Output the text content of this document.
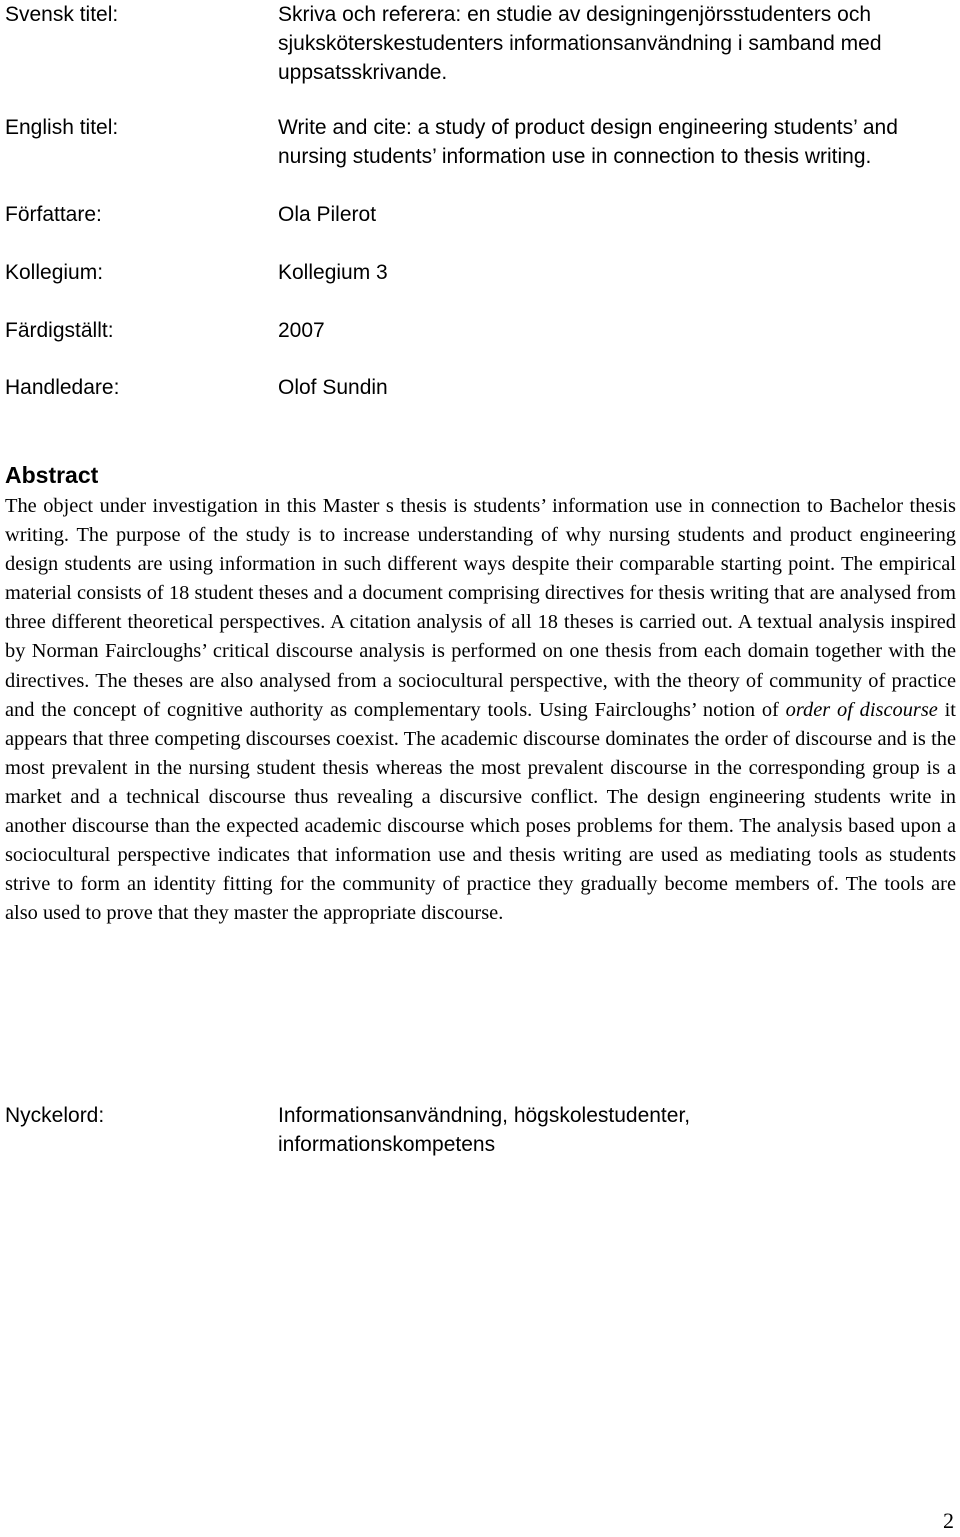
Svensk titel:	Skriva och referera: en studie av designingenjörsstudenters och
sjuksköterskestudenters informationsanvändning i samband med
uppsatsskrivande.
English titel:	Write and cite: a study of product design engineering students’ and
nursing students’ information use in connection to thesis writing.
Författare:	Ola Pilerot
Kollegium:	Kollegium 3
Färdigställt:	2007
Handledare:	Olof Sundin
Abstract
The object under investigation in this Master s thesis is students’ information use in connection to Bachelor thesis writing. The purpose of the study is to increase understanding of why nursing students and product engineering design students are using information in such different ways despite their comparable starting point. The empirical material consists of 18 student theses and a document comprising directives for thesis writing that are analysed from three different theoretical perspectives. A citation analysis of all 18 theses is carried out. A textual analysis inspired by Norman Faircloughs’ critical discourse analysis is performed on one thesis from each domain together with the directives. The theses are also analysed from a sociocultural perspective, with the theory of community of practice and the concept of cognitive authority as complementary tools. Using Faircloughs’ notion of order of discourse it appears that three competing discourses coexist. The academic discourse dominates the order of discourse and is the most prevalent in the nursing student thesis whereas the most prevalent discourse in the corresponding group is a market and a technical discourse thus revealing a discursive conflict. The design engineering students write in another discourse than the expected academic discourse which poses problems for them. The analysis based upon a sociocultural perspective indicates that information use and thesis writing are used as mediating tools as students strive to form an identity fitting for the community of practice they gradually become members of. The tools are also used to prove that they master the appropriate discourse.
Nyckelord:	Informationsanvändning, högskolestudenter,
informationskompetens
2
